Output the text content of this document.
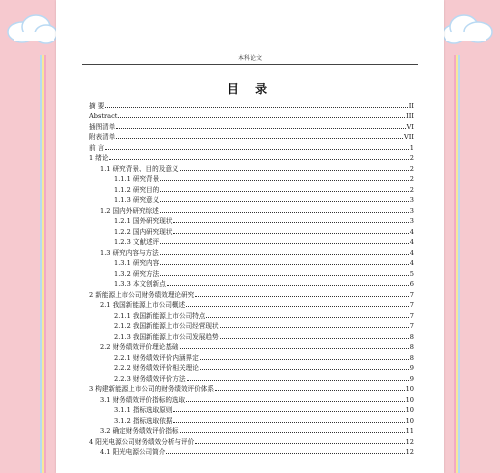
本科论文
目 录
摘 要	II
Abstract	III
插图清单	VI
附表清单	VII
前 言	1
1 绪论	2
1.1 研究背景、目的及意义	2
1.1.1 研究背景	2
1.1.2 研究目的	2
1.1.3 研究意义	3
1.2 国内外研究综述	3
1.2.1 国外研究现状	3
1.2.2 国内研究现状	4
1.2.3 文献述评	4
1.3 研究内容与方法	4
1.3.1 研究内容	4
1.3.2 研究方法	5
1.3.3 本文创新点	6
2 新能源上市公司财务绩效理论研究	7
2.1 我国新能源上市公司概述	7
2.1.1 我国新能源上市公司特点	7
2.1.2 我国新能源上市公司经营现状	7
2.1.3 我国新能源上市公司发展趋势	8
2.2 财务绩效评价理论基础	8
2.2.1 财务绩效评价内涵界定	8
2.2.2 财务绩效评价相关理论	9
2.2.3 财务绩效评价方法	9
3 构建新能源上市公司的财务绩效评价体系	10
3.1 财务绩效评价指标的选取	10
3.1.1 指标选取原则	10
3.1.2 指标选取依据	10
3.2 确定财务绩效评价指标	11
4 阳光电源公司财务绩效分析与评价	12
4.1 阳光电源公司简介	12
